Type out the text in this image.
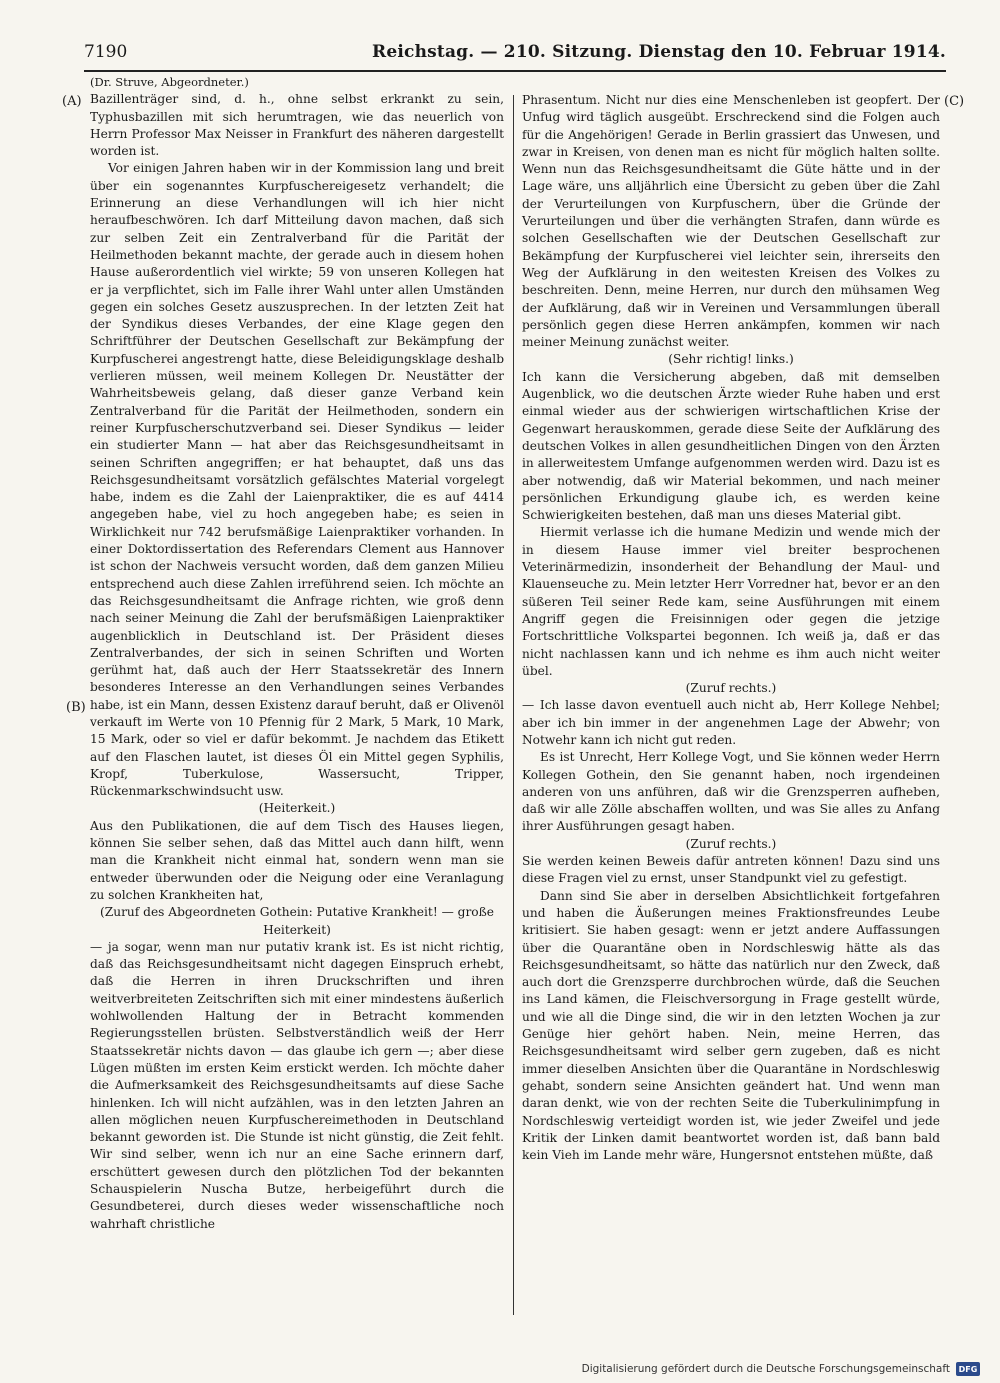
7190	Reichstag. — 210. Sitzung. Dienstag den 10. Februar 1914.
(A)
(B)
(C)

(Dr. Struve, Abgeordneter.)

Bazillenträger sind, d. h., ohne selbst erkrankt zu sein, Typhusbazillen mit sich herumtragen, wie das neuerlich von Herrn Professor Max Neisser in Frankfurt des näheren dargestellt worden ist.

Vor einigen Jahren haben wir in der Kommission lang und breit über ein sogenanntes Kurpfuschereigesetz verhandelt; die Erinnerung an diese Verhandlungen will ich hier nicht heraufbeschwören. Ich darf Mitteilung davon machen, daß sich zur selben Zeit ein Zentralverband für die Parität der Heilmethoden bekannt machte, der gerade auch in diesem hohen Hause außerordentlich viel wirkte; 59 von unseren Kollegen hat er ja verpflichtet, sich im Falle ihrer Wahl unter allen Umständen gegen ein solches Gesetz auszusprechen. In der letzten Zeit hat der Syndikus dieses Verbandes, der eine Klage gegen den Schriftführer der Deutschen Gesellschaft zur Bekämpfung der Kurpfuscherei angestrengt hatte, diese Beleidigungsklage deshalb verlieren müssen, weil meinem Kollegen Dr. Neustätter der Wahrheitsbeweis gelang, daß dieser ganze Verband kein Zentralverband für die Parität der Heilmethoden, sondern ein reiner Kurpfuscherschutzverband sei. Dieser Syndikus — leider ein studierter Mann — hat aber das Reichsgesundheitsamt in seinen Schriften angegriffen; er hat behauptet, daß uns das Reichsgesundheitsamt vorsätzlich gefälschtes Material vorgelegt habe, indem es die Zahl der Laienpraktiker, die es auf 4414 angegeben habe, viel zu hoch angegeben habe; es seien in Wirklichkeit nur 742 berufsmäßige Laienpraktiker vorhanden. In einer Doktordissertation des Referendars Clement aus Hannover ist schon der Nachweis versucht worden, daß dem ganzen Milieu entsprechend auch diese Zahlen irreführend seien. Ich möchte an das Reichsgesundheitsamt die Anfrage richten, wie groß denn nach seiner Meinung die Zahl der berufsmäßigen Laienpraktiker augenblicklich in Deutschland ist. Der Präsident dieses Zentralverbandes, der sich in seinen Schriften und Worten gerühmt hat, daß auch der Herr Staatssekretär des Innern besonderes Interesse an den Verhandlungen seines Verbandes habe, ist ein Mann, dessen Existenz darauf beruht, daß er Olivenöl verkauft im Werte von 10 Pfennig für 2 Mark, 5 Mark, 10 Mark, 15 Mark, oder so viel er dafür bekommt. Je nachdem das Etikett auf den Flaschen lautet, ist dieses Öl ein Mittel gegen Syphilis, Kropf, Tuberkulose, Wassersucht, Tripper, Rückenmarkschwindsucht usw.

(Heiterkeit.)

Aus den Publikationen, die auf dem Tisch des Hauses liegen, können Sie selber sehen, daß das Mittel auch dann hilft, wenn man die Krankheit nicht einmal hat, sondern wenn man sie entweder überwunden oder die Neigung oder eine Veranlagung zu solchen Krankheiten hat,

(Zuruf des Abgeordneten Gothein: Putative Krankheit! — große Heiterkeit)

— ja sogar, wenn man nur putativ krank ist. Es ist nicht richtig, daß das Reichsgesundheitsamt nicht dagegen Einspruch erhebt, daß die Herren in ihren Druckschriften und ihren weitverbreiteten Zeitschriften sich mit einer mindestens äußerlich wohlwollenden Haltung der in Betracht kommenden Regierungsstellen brüsten. Selbstverständlich weiß der Herr Staatssekretär nichts davon — das glaube ich gern —; aber diese Lügen müßten im ersten Keim erstickt werden. Ich möchte daher die Aufmerksamkeit des Reichsgesundheitsamts auf diese Sache hinlenken. Ich will nicht aufzählen, was in den letzten Jahren an allen möglichen neuen Kurpfuschereimethoden in Deutschland bekannt geworden ist. Die Stunde ist nicht günstig, die Zeit fehlt. Wir sind selber, wenn ich nur an eine Sache erinnern darf, erschüttert gewesen durch den plötzlichen Tod der bekannten Schauspielerin Nuscha Butze, herbeigeführt durch die Gesundbeterei, durch dieses weder wissenschaftliche noch wahrhaft christliche

Phrasentum. Nicht nur dies eine Menschenleben ist geopfert. Der Unfug wird täglich ausgeübt. Erschreckend sind die Folgen auch für die Angehörigen! Gerade in Berlin grassiert das Unwesen, und zwar in Kreisen, von denen man es nicht für möglich halten sollte. Wenn nun das Reichsgesundheitsamt die Güte hätte und in der Lage wäre, uns alljährlich eine Übersicht zu geben über die Zahl der Verurteilungen von Kurpfuschern, über die Gründe der Verurteilungen und über die verhängten Strafen, dann würde es solchen Gesellschaften wie der Deutschen Gesellschaft zur Bekämpfung der Kurpfuscherei viel leichter sein, ihrerseits den Weg der Aufklärung in den weitesten Kreisen des Volkes zu beschreiten. Denn, meine Herren, nur durch den mühsamen Weg der Aufklärung, daß wir in Vereinen und Versammlungen überall persönlich gegen diese Herren ankämpfen, kommen wir nach meiner Meinung zunächst weiter.

(Sehr richtig! links.)

Ich kann die Versicherung abgeben, daß mit demselben Augenblick, wo die deutschen Ärzte wieder Ruhe haben und erst einmal wieder aus der schwierigen wirtschaftlichen Krise der Gegenwart herauskommen, gerade diese Seite der Aufklärung des deutschen Volkes in allen gesundheitlichen Dingen von den Ärzten in allerweitestem Umfange aufgenommen werden wird. Dazu ist es aber notwendig, daß wir Material bekommen, und nach meiner persönlichen Erkundigung glaube ich, es werden keine Schwierigkeiten bestehen, daß man uns dieses Material gibt.

Hiermit verlasse ich die humane Medizin und wende mich der in diesem Hause immer viel breiter besprochenen Veterinärmedizin, insonderheit der Behandlung der Maul- und Klauenseuche zu. Mein letzter Herr Vorredner hat, bevor er an den süßeren Teil seiner Rede kam, seine Ausführungen mit einem Angriff gegen die Freisinnigen oder gegen die jetzige Fortschrittliche Volkspartei begonnen. Ich weiß ja, daß er das nicht nachlassen kann und ich nehme es ihm auch nicht weiter übel.

(Zuruf rechts.)

— Ich lasse davon eventuell auch nicht ab, Herr Kollege Nehbel; aber ich bin immer in der angenehmen Lage der Abwehr; von Notwehr kann ich nicht gut reden.

Es ist Unrecht, Herr Kollege Vogt, und Sie können weder Herrn Kollegen Gothein, den Sie genannt haben, noch irgendeinen anderen von uns anführen, daß wir die Grenzsperren aufheben, daß wir alle Zölle abschaffen wollten, und was Sie alles zu Anfang ihrer Ausführungen gesagt haben.

(Zuruf rechts.)

Sie werden keinen Beweis dafür antreten können! Dazu sind uns diese Fragen viel zu ernst, unser Standpunkt viel zu gefestigt.

Dann sind Sie aber in derselben Absichtlichkeit fortgefahren und haben die Äußerungen meines Fraktionsfreundes Leube kritisiert. Sie haben gesagt: wenn er jetzt andere Auffassungen über die Quarantäne oben in Nordschleswig hätte als das Reichsgesundheitsamt, so hätte das natürlich nur den Zweck, daß auch dort die Grenzsperre durchbrochen würde, daß die Seuchen ins Land kämen, die Fleischversorgung in Frage gestellt würde, und wie all die Dinge sind, die wir in den letzten Wochen ja zur Genüge hier gehört haben. Nein, meine Herren, das Reichsgesundheitsamt wird selber gern zugeben, daß es nicht immer dieselben Ansichten über die Quarantäne in Nordschleswig gehabt, sondern seine Ansichten geändert hat. Und wenn man daran denkt, wie von der rechten Seite die Tuberkulinimpfung in Nordschleswig verteidigt worden ist, wie jeder Zweifel und jede Kritik der Linken damit beantwortet worden ist, daß bann bald kein Vieh im Lande mehr wäre, Hungersnot entstehen müßte, daß

Digitalisierung gefördert durch die Deutsche Forschungsgemeinschaft	DFG
